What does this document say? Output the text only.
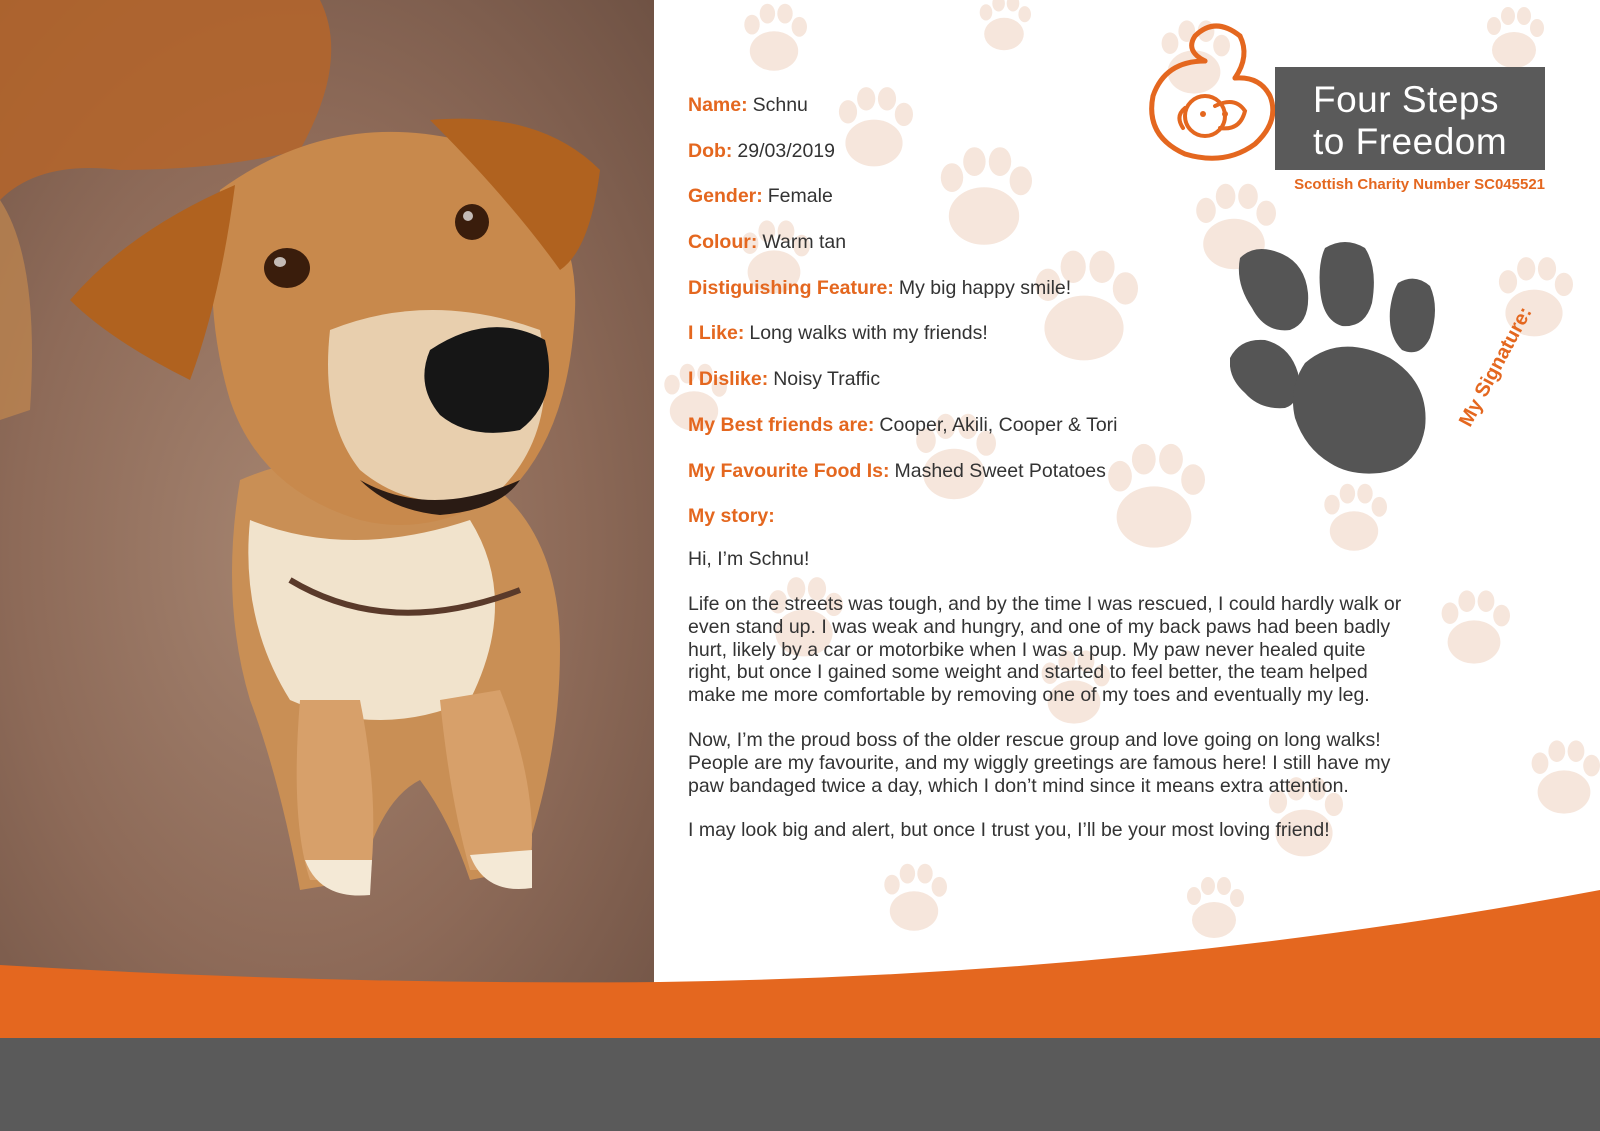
Four Steps
to Freedom
Scottish Charity Number SC045521
My Signature:
Name: Schnu
Dob: 29/03/2019
Gender: Female
Colour: Warm tan
Distiguishing Feature: My big happy smile!
I Like: Long walks with my friends!
I Dislike: Noisy Traffic
My Best friends are: Cooper, Akili, Cooper & Tori
My Favourite Food Is: Mashed Sweet Potatoes
My story:

Hi, I’m Schnu!

Life on the streets was tough, and by the time I was rescued, I could hardly walk or even stand up. I was weak and hungry, and one of my back paws had been badly hurt, likely by a car or motorbike when I was a pup. My paw never healed quite right, but once I gained some weight and started to feel better, the team helped make me more comfortable by removing one of my toes and eventually my leg.

Now, I’m the proud boss of the older rescue group and love going on long walks! People are my favourite, and my wiggly greetings are famous here! I still have my paw bandaged twice a day, which I don’t mind since it means extra attention.

I may look big and alert, but once I trust you, I’ll be your most loving friend!
